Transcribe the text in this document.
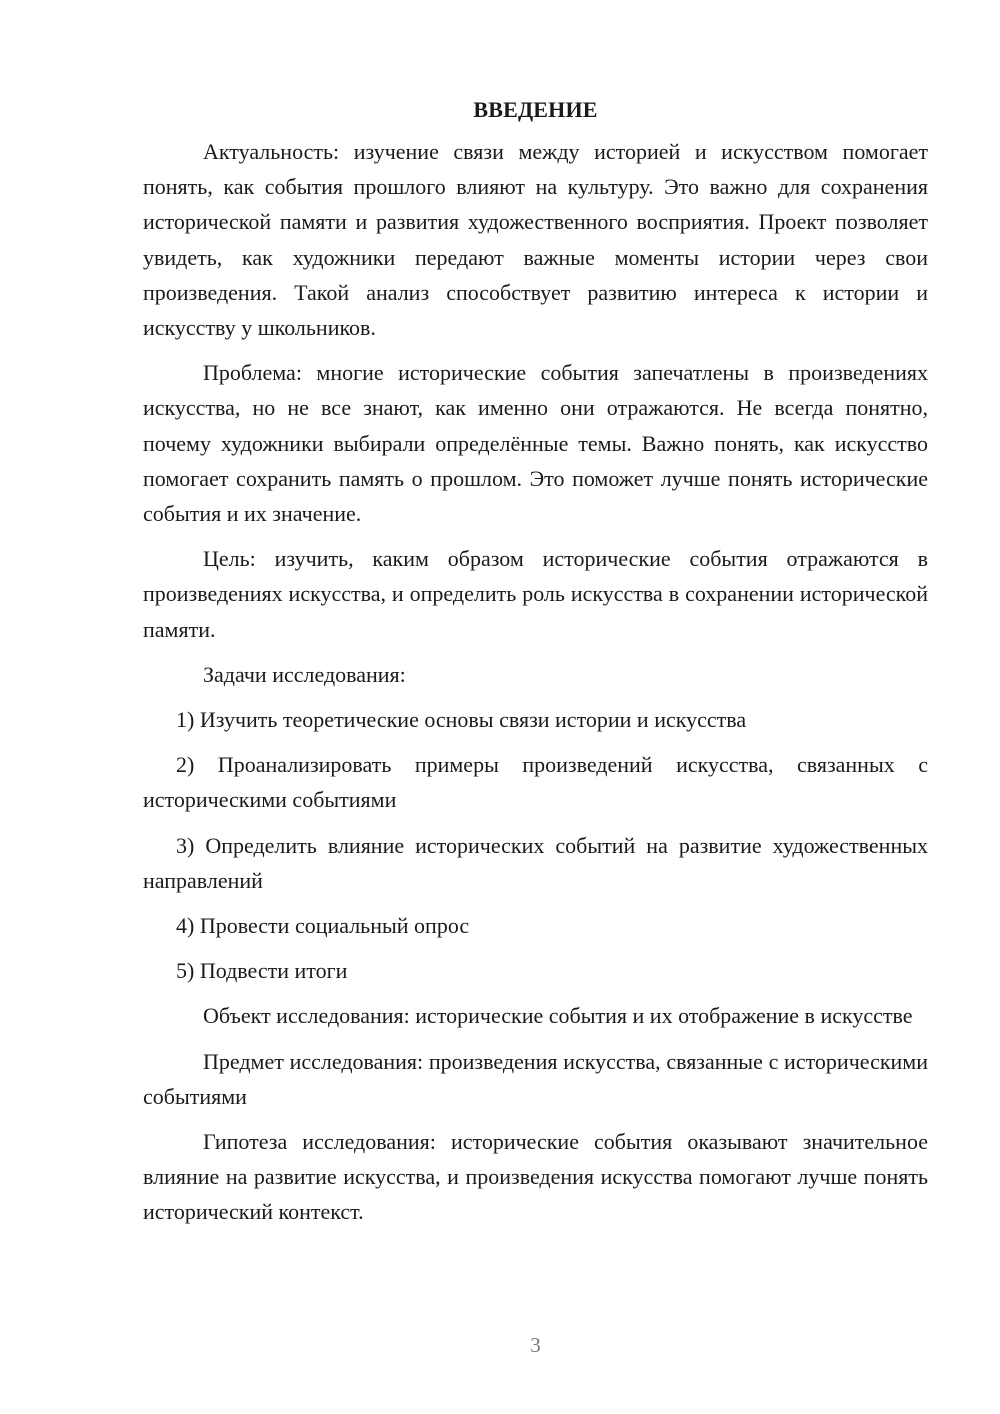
ВВЕДЕНИЕ

Актуальность: изучение связи между историей и искусством помогает понять, как события прошлого влияют на культуру. Это важно для сохранения исторической памяти и развития художественного восприятия. Проект позволяет увидеть, как художники передают важные моменты истории через свои произведения. Такой анализ способствует развитию интереса к истории и искусству у школьников.

Проблема: многие исторические события запечатлены в произведениях искусства, но не все знают, как именно они отражаются. Не всегда понятно, почему художники выбирали определённые темы. Важно понять, как искусство помогает сохранить память о прошлом. Это поможет лучше понять исторические события и их значение.

Цель: изучить, каким образом исторические события отражаются в произведениях искусства, и определить роль искусства в сохранении исторической памяти.

Задачи исследования:

1) Изучить теоретические основы связи истории и искусства

2) Проанализировать примеры произведений искусства, связанных с историческими событиями

3) Определить влияние исторических событий на развитие художественных направлений

4) Провести социальный опрос

5) Подвести итоги

Объект исследования: исторические события и их отображение в искусстве

Предмет исследования: произведения искусства, связанные с историческими событиями

Гипотеза исследования: исторические события оказывают значительное влияние на развитие искусства, и произведения искусства помогают лучше понять исторический контекст.

3
